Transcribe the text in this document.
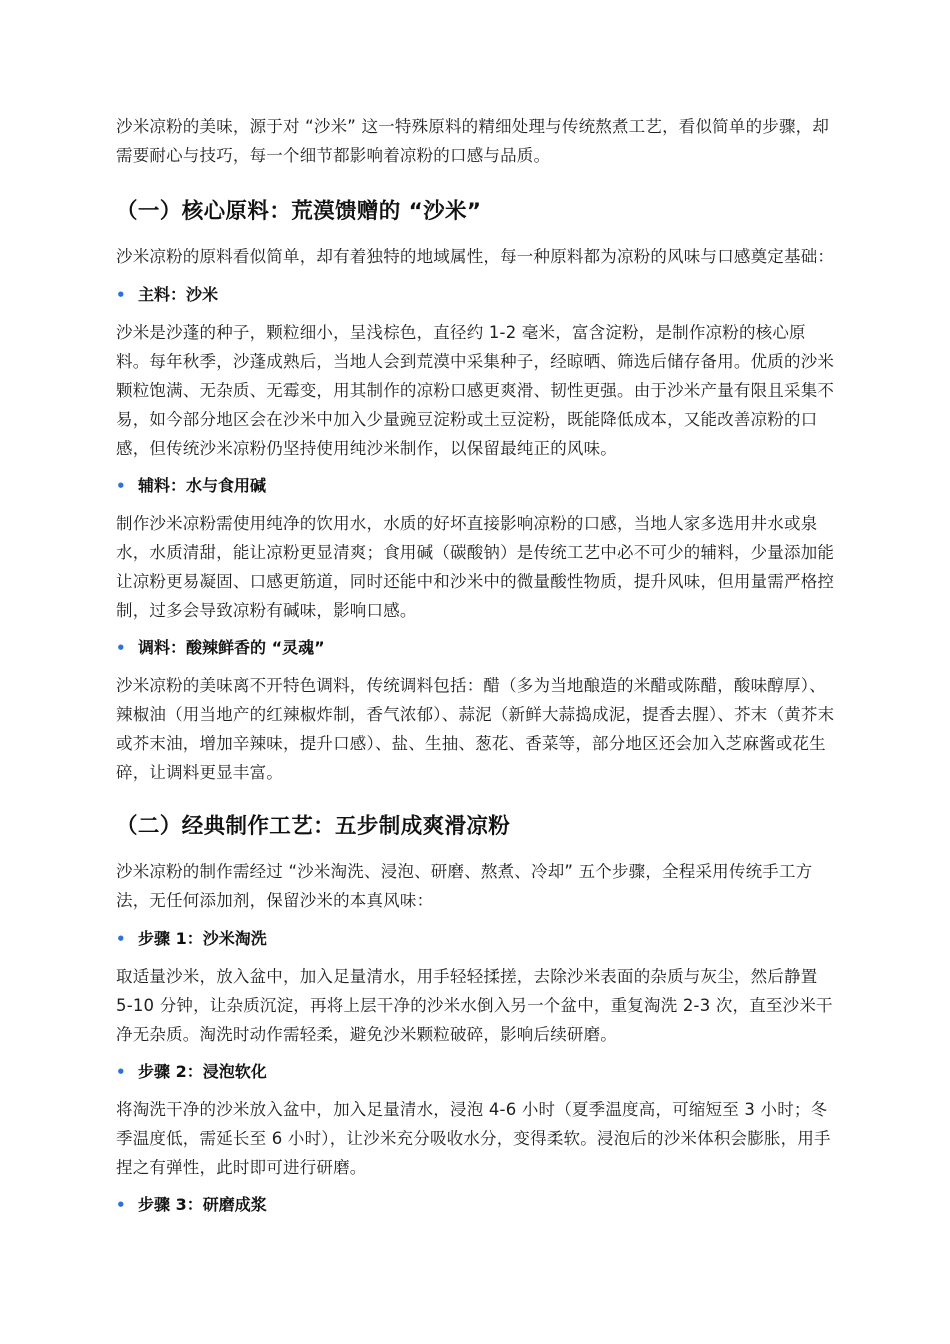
沙米凉粉的美味，源于对 “沙米” 这一特殊原料的精细处理与传统熬煮工艺，看似简单的步骤，却需要耐心与技巧，每一个细节都影响着凉粉的口感与品质。

（一）核心原料：荒漠馈赠的 “沙米”

沙米凉粉的原料看似简单，却有着独特的地域属性，每一种原料都为凉粉的风味与口感奠定基础：

• 主料：沙米

沙米是沙蓬的种子，颗粒细小，呈浅棕色，直径约 1-2 毫米，富含淀粉，是制作凉粉的核心原料。每年秋季，沙蓬成熟后，当地人会到荒漠中采集种子，经晾晒、筛选后储存备用。优质的沙米颗粒饱满、无杂质、无霉变，用其制作的凉粉口感更爽滑、韧性更强。由于沙米产量有限且采集不易，如今部分地区会在沙米中加入少量豌豆淀粉或土豆淀粉，既能降低成本，又能改善凉粉的口感，但传统沙米凉粉仍坚持使用纯沙米制作，以保留最纯正的风味。

• 辅料：水与食用碱

制作沙米凉粉需使用纯净的饮用水，水质的好坏直接影响凉粉的口感，当地人家多选用井水或泉水，水质清甜，能让凉粉更显清爽；食用碱（碳酸钠）是传统工艺中必不可少的辅料，少量添加能让凉粉更易凝固、口感更筋道，同时还能中和沙米中的微量酸性物质，提升风味，但用量需严格控制，过多会导致凉粉有碱味，影响口感。

• 调料：酸辣鲜香的 “灵魂”

沙米凉粉的美味离不开特色调料，传统调料包括：醋（多为当地酿造的米醋或陈醋，酸味醇厚）、辣椒油（用当地产的红辣椒炸制，香气浓郁）、蒜泥（新鲜大蒜捣成泥，提香去腥）、芥末（黄芥末或芥末油，增加辛辣味，提升口感）、盐、生抽、葱花、香菜等，部分地区还会加入芝麻酱或花生碎，让调料更显丰富。

（二）经典制作工艺：五步制成爽滑凉粉

沙米凉粉的制作需经过 “沙米淘洗、浸泡、研磨、熬煮、冷却” 五个步骤，全程采用传统手工方法，无任何添加剂，保留沙米的本真风味：

• 步骤 1：沙米淘洗

取适量沙米，放入盆中，加入足量清水，用手轻轻揉搓，去除沙米表面的杂质与灰尘，然后静置 5-10 分钟，让杂质沉淀，再将上层干净的沙米水倒入另一个盆中，重复淘洗 2-3 次，直至沙米干净无杂质。淘洗时动作需轻柔，避免沙米颗粒破碎，影响后续研磨。

• 步骤 2：浸泡软化

将淘洗干净的沙米放入盆中，加入足量清水，浸泡 4-6 小时（夏季温度高，可缩短至 3 小时；冬季温度低，需延长至 6 小时），让沙米充分吸收水分，变得柔软。浸泡后的沙米体积会膨胀，用手捏之有弹性，此时即可进行研磨。

• 步骤 3：研磨成浆
